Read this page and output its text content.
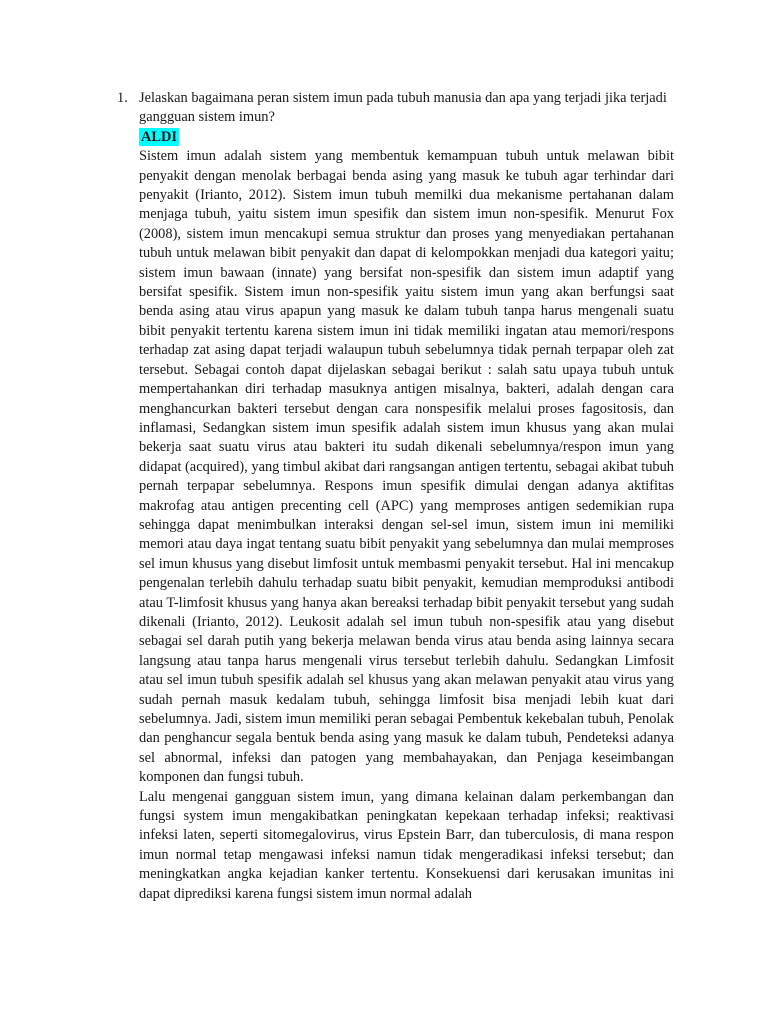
1. Jelaskan bagaimana peran sistem imun pada tubuh manusia dan apa yang terjadi jika terjadi gangguan sistem imun?

ALDI

Sistem imun adalah sistem yang membentuk kemampuan tubuh untuk melawan bibit penyakit dengan menolak berbagai benda asing yang masuk ke tubuh agar terhindar dari penyakit (Irianto, 2012). Sistem imun tubuh memilki dua mekanisme pertahanan dalam menjaga tubuh, yaitu sistem imun spesifik dan sistem imun non-spesifik. Menurut Fox (2008), sistem imun mencakupi semua struktur dan proses yang menyediakan pertahanan tubuh untuk melawan bibit penyakit dan dapat di kelompokkan menjadi dua kategori yaitu; sistem imun bawaan (innate) yang bersifat non-spesifik dan sistem imun adaptif yang bersifat spesifik. Sistem imun non-spesifik yaitu sistem imun yang akan berfungsi saat benda asing atau virus apapun yang masuk ke dalam tubuh tanpa harus mengenali suatu bibit penyakit tertentu karena sistem imun ini tidak memiliki ingatan atau memori/respons terhadap zat asing dapat terjadi walaupun tubuh sebelumnya tidak pernah terpapar oleh zat tersebut. Sebagai contoh dapat dijelaskan sebagai berikut : salah satu upaya tubuh untuk mempertahankan diri terhadap masuknya antigen misalnya, bakteri, adalah dengan cara menghancurkan bakteri tersebut dengan cara nonspesifik melalui proses fagositosis, dan inflamasi, Sedangkan sistem imun spesifik adalah sistem imun khusus yang akan mulai bekerja saat suatu virus atau bakteri itu sudah dikenali sebelumnya/respon imun yang didapat (acquired), yang timbul akibat dari rangsangan antigen tertentu, sebagai akibat tubuh pernah terpapar sebelumnya. Respons imun spesifik dimulai dengan adanya aktifitas makrofag atau antigen precenting cell (APC) yang memproses antigen sedemikian rupa sehingga dapat menimbulkan interaksi dengan sel-sel imun, sistem imun ini memiliki memori atau daya ingat tentang suatu bibit penyakit yang sebelumnya dan mulai memproses sel imun khusus yang disebut limfosit untuk membasmi penyakit tersebut. Hal ini mencakup pengenalan terlebih dahulu terhadap suatu bibit penyakit, kemudian memproduksi antibodi atau T-limfosit khusus yang hanya akan bereaksi terhadap bibit penyakit tersebut yang sudah dikenali (Irianto, 2012). Leukosit adalah sel imun tubuh non-spesifik atau yang disebut sebagai sel darah putih yang bekerja melawan benda virus atau benda asing lainnya secara langsung atau tanpa harus mengenali virus tersebut terlebih dahulu. Sedangkan Limfosit atau sel imun tubuh spesifik adalah sel khusus yang akan melawan penyakit atau virus yang sudah pernah masuk kedalam tubuh, sehingga limfosit bisa menjadi lebih kuat dari sebelumnya. Jadi, sistem imun memiliki peran sebagai Pembentuk kekebalan tubuh, Penolak dan penghancur segala bentuk benda asing yang masuk ke dalam tubuh, Pendeteksi adanya sel abnormal, infeksi dan patogen yang membahayakan, dan Penjaga keseimbangan komponen dan fungsi tubuh.

Lalu mengenai gangguan sistem imun, yang dimana kelainan dalam perkembangan dan fungsi system imun mengakibatkan peningkatan kepekaan terhadap infeksi; reaktivasi infeksi laten, seperti sitomegalovirus, virus Epstein Barr, dan tuberculosis, di mana respon imun normal tetap mengawasi infeksi namun tidak mengeradikasi infeksi tersebut; dan meningkatkan angka kejadian kanker tertentu. Konsekuensi dari kerusakan imunitas ini dapat diprediksi karena fungsi sistem imun normal adalah
